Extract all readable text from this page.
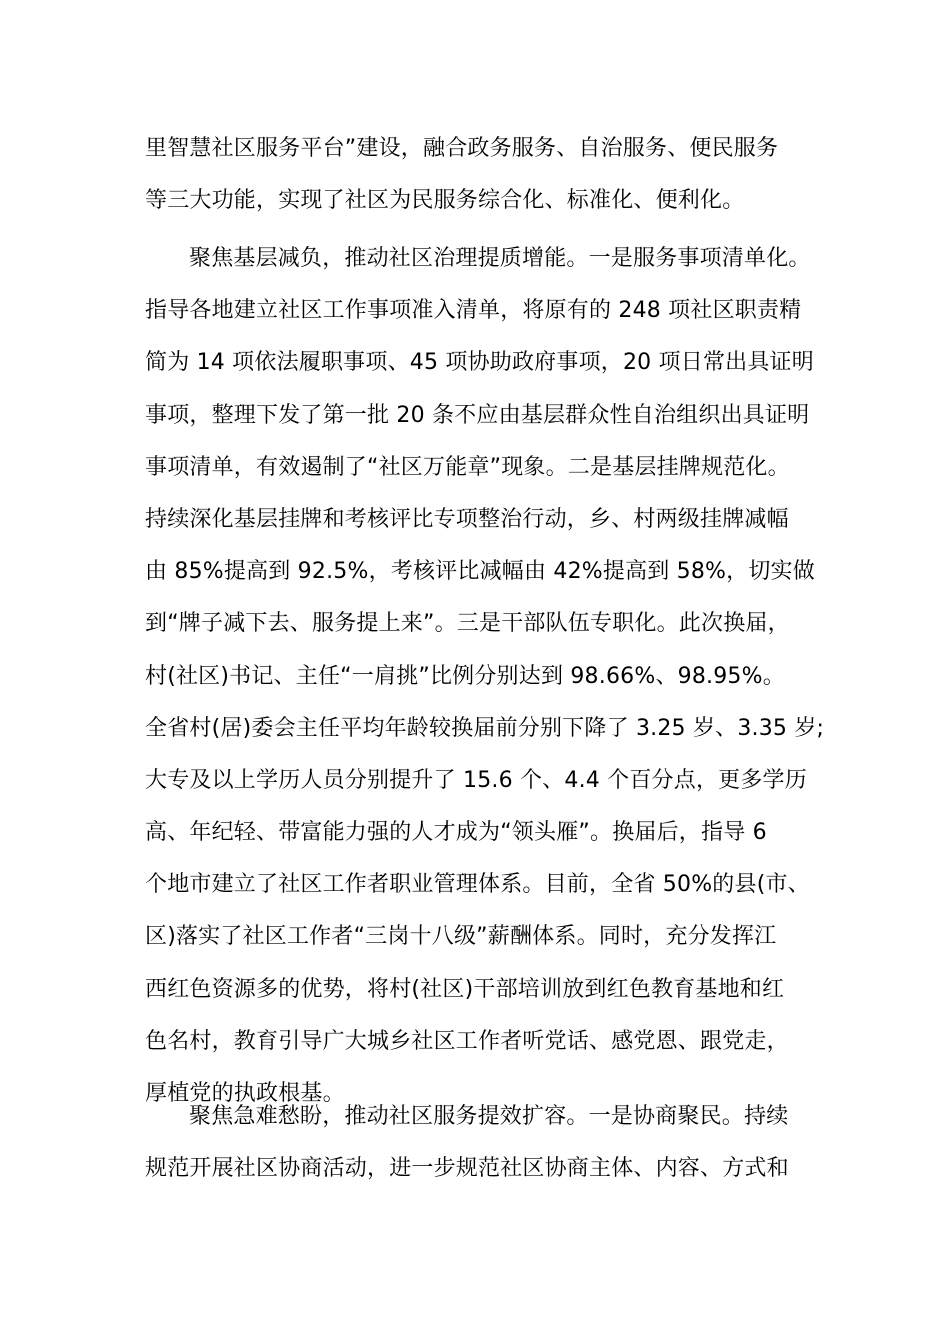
里智慧社区服务平台”建设，融合政务服务、自治服务、便民服务
等三大功能，实现了社区为民服务综合化、标准化、便利化。
聚焦基层减负，推动社区治理提质增能。一是服务事项清单化。
指导各地建立社区工作事项准入清单，将原有的 248 项社区职责精
简为 14 项依法履职事项、45 项协助政府事项，20 项日常出具证明
事项，整理下发了第一批 20 条不应由基层群众性自治组织出具证明
事项清单，有效遏制了“社区万能章”现象。二是基层挂牌规范化。
持续深化基层挂牌和考核评比专项整治行动，乡、村两级挂牌减幅
由 85%提高到 92.5%，考核评比减幅由 42%提高到 58%，切实做
到“牌子减下去、服务提上来”。三是干部队伍专职化。此次换届，
村(社区)书记、主任“一肩挑”比例分别达到 98.66%、98.95%。
全省村(居)委会主任平均年龄较换届前分别下降了 3.25 岁、3.35 岁;
大专及以上学历人员分别提升了 15.6 个、4.4 个百分点，更多学历
高、年纪轻、带富能力强的人才成为“领头雁”。换届后，指导 6
个地市建立了社区工作者职业管理体系。目前，全省 50%的县(市、
区)落实了社区工作者“三岗十八级”薪酬体系。同时，充分发挥江
西红色资源多的优势，将村(社区)干部培训放到红色教育基地和红
色名村，教育引导广大城乡社区工作者听党话、感党恩、跟党走，
厚植党的执政根基。
聚焦急难愁盼，推动社区服务提效扩容。一是协商聚民。持续
规范开展社区协商活动，进一步规范社区协商主体、内容、方式和
